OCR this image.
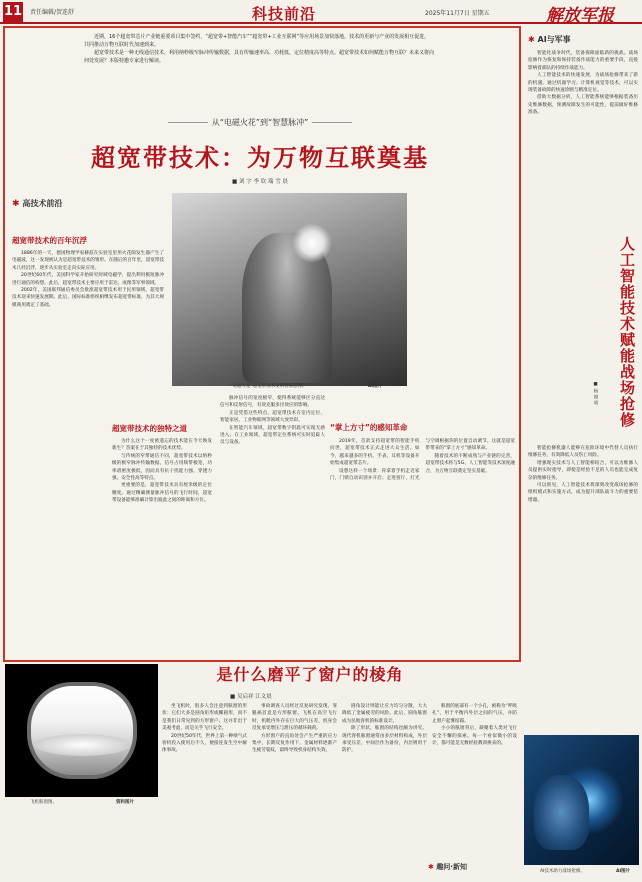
11 责任编辑/贺连舒	科技前沿	2025年11月7日 星期五	解放军报

近期，16个超宽带芯片产业链重要项目集中签约，“超宽带+智能汽车”“超宽带+工业互联网”等应用场景加快落地。技术的更新与产业的发展相互促进，共同推动万物互联时代加速到来。

超宽带技术是一种无线通信技术，利用纳秒级窄脉冲传输数据，具有传输速率高、功耗低、定位精度高等特点。超宽带技术如何赋能万物互联？未来又将向何处发展？本版特邀专家进行解读。

从“电磁火花”到“智慧脉冲”
超宽带技术：为万物互联奠基
■ 刘 宇 李 钦 瑞 雪 晨
✱ 高技术前沿
“电磁火花”超宽带技术发明者赫兹像。	AI图片
超宽带技术的百年沉浮

1886年的一天，德国物理学家赫兹在实验室里用火花隙发生器产生了电磁波，这一发现被认为是超宽带技术的雏形。在随后的百年里，超宽带技术几经沉浮，逐步从实验室走向实际应用。

20世纪60年代，美国科学家开始研究时域电磁学，提出利用极短脉冲进行通信的构想。此后，超宽带技术主要应用于雷达、成像等军事领域。

2002年，美国联邦通信委员会批准超宽带技术用于民用领域，超宽带技术迎来快速发展期。此后，国际标准组织相继发布超宽带标准，为其大规模商用奠定了基础。

超宽带技术的独特之道

为什么这个一度被遗忘的技术能在今天焕发新生？答案在于其独特的技术优势。

与传统的窄带通信不同，超宽带技术以纳秒级的极窄脉冲传输数据，信号占用频带极宽，功率谱密度极低，因而具有抗干扰能力强、穿透力强、安全性高等特点。

更重要的是，超宽带技术具有厘米级的定位精度。通过精确测量脉冲信号的飞行时间，超宽带设备能够准确计算出彼此之间的距离和方位。

脉冲信号的宽度极窄，使得系统能够区分直达信号和反射信号，有效克服多径效应的影响。

正是凭借这些特点，超宽带技术在室内定位、智能家居、工业物联网等领域大放异彩。

在智能汽车领域，超宽带数字钥匙可实现无感进入；在工业领域，超宽带定位系统可实时追踪人员与设备。

“掌上方寸”的感知革命

2019年，首款支持超宽带的智能手机问世，超宽带技术正式走进大众生活。如今，越来越多的手机、手表、耳机等设备开始集成超宽带芯片。

设想这样一个场景：你拿着手机走近家门，门锁自动识别并开启；走进客厅，灯光与空调根据你的位置自动调节。这就是超宽带带来的“掌上方寸”感知革命。

随着技术的不断成熟与产业链的完善，超宽带技术将与5G、人工智能等技术深度融合，为万物互联奠定坚实基础。

飞机舷窗图。	资料图片
是什么磨平了窗户的棱角
■ 吴启祥 江文晨

坐飞机时，很多人会注意到舷窗的形状：它们大多是圆角矩形或椭圆形，而不是我们日常见到的方形窗户。这并非出于美观考虑，而是关乎飞行安全。

20世纪50年代，世界上第一种喷气式客机投入使用后不久，便接连发生空中解体事故。

事故调查人员经过反复研究发现，罪魁祸首竟是方形舷窗。飞机在高空飞行时，机舱内外存在巨大的气压差，机身会反复承受增压与泄压的循环载荷。

方形窗户的直角处会产生严重的应力集中，长期反复作用下，金属材料逐渐产生疲劳裂纹，最终导致机身结构失效。

圆角设计则能让应力均匀分散，大大降低了金属疲劳的风险。此后，圆角舷窗成为民航客机的标准设计。

除了形状，舷窗的结构也颇为讲究。现代客机舷窗通常由多层材料构成，外层承受压差，中间层作为备份，内层则用于防护。

舷窗的底部有一个小孔，被称为“呼吸孔”，用于平衡内外层之间的气压，并防止窗户起雾结霜。

小小的舷窗背后，凝聚着人类对飞行安全不懈的探索。每一个看似微小的设计，都可能是无数经验教训换来的。

✱ 趣问·新知
✱ AI与军事

智能化战争时代，装备保障面临新的挑战。战场抢修作为恢复和保持装备作战能力的重要手段，直接影响着部队的持续作战能力。

人工智能技术的快速发展，为战场抢修带来了新的机遇。通过机器学习、计算机视觉等技术，可以实现装备故障的快速诊断与精准定位。

借助大数据分析，人工智能系统能够根据装备历史维修数据，预测故障发生的可能性，提前做好维修准备。

人工智能技术赋能战场抢修
■ 杨 俊 明

智能抢修机器人能够在危险环境中代替人员执行维修任务，有效降低人员伤亡风险。

增强现实技术与人工智能相结合，可以为维修人员提供实时指导，即使是经验不足的人员也能完成复杂的维修任务。

可以预见，人工智能技术将深刻改变战场抢修的组织模式和实施方式，成为提升部队战斗力的重要倍增器。

AI技术助力战场抢修。	AI图片
